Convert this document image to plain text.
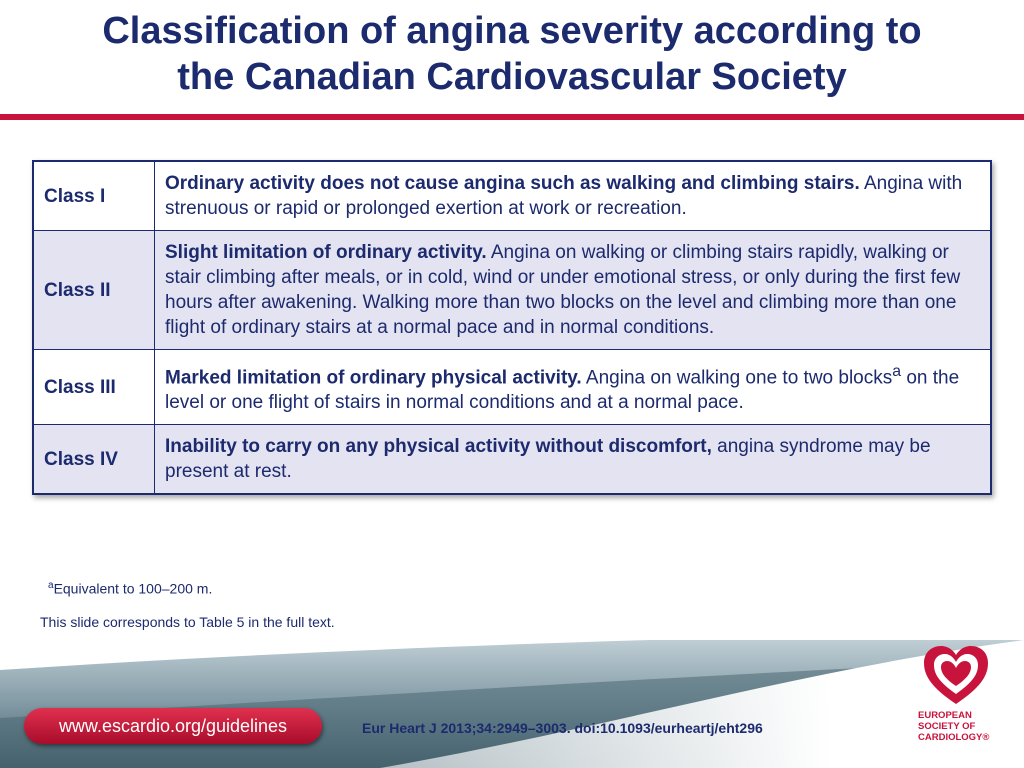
Classification of angina severity according to
the Canadian Cardiovascular Society
Class I	Ordinary activity does not cause angina such as walking and climbing stairs. Angina with strenuous or rapid or prolonged exertion at work or recreation.
Class II	Slight limitation of ordinary activity. Angina on walking or climbing stairs rapidly, walking or stair climbing after meals, or in cold, wind or under emotional stress, or only during the first few hours after awakening. Walking more than two blocks on the level and climbing more than one flight of ordinary stairs at a normal pace and in normal conditions.
Class III	Marked limitation of ordinary physical activity. Angina on walking one to two blocks$^a$ on the level or one flight of stairs in normal conditions and at a normal pace.
Class IV	Inability to carry on any physical activity without discomfort, angina syndrome may be present at rest.
$^a$Equivalent to 100–200 m.
This slide corresponds to Table 5 in the full text.
www.escardio.org/guidelines	Eur Heart J 2013;34:2949–3003. doi:10.1093/eurheartj/eht296
EUROPEAN
SOCIETY OF
CARDIOLOGY®
